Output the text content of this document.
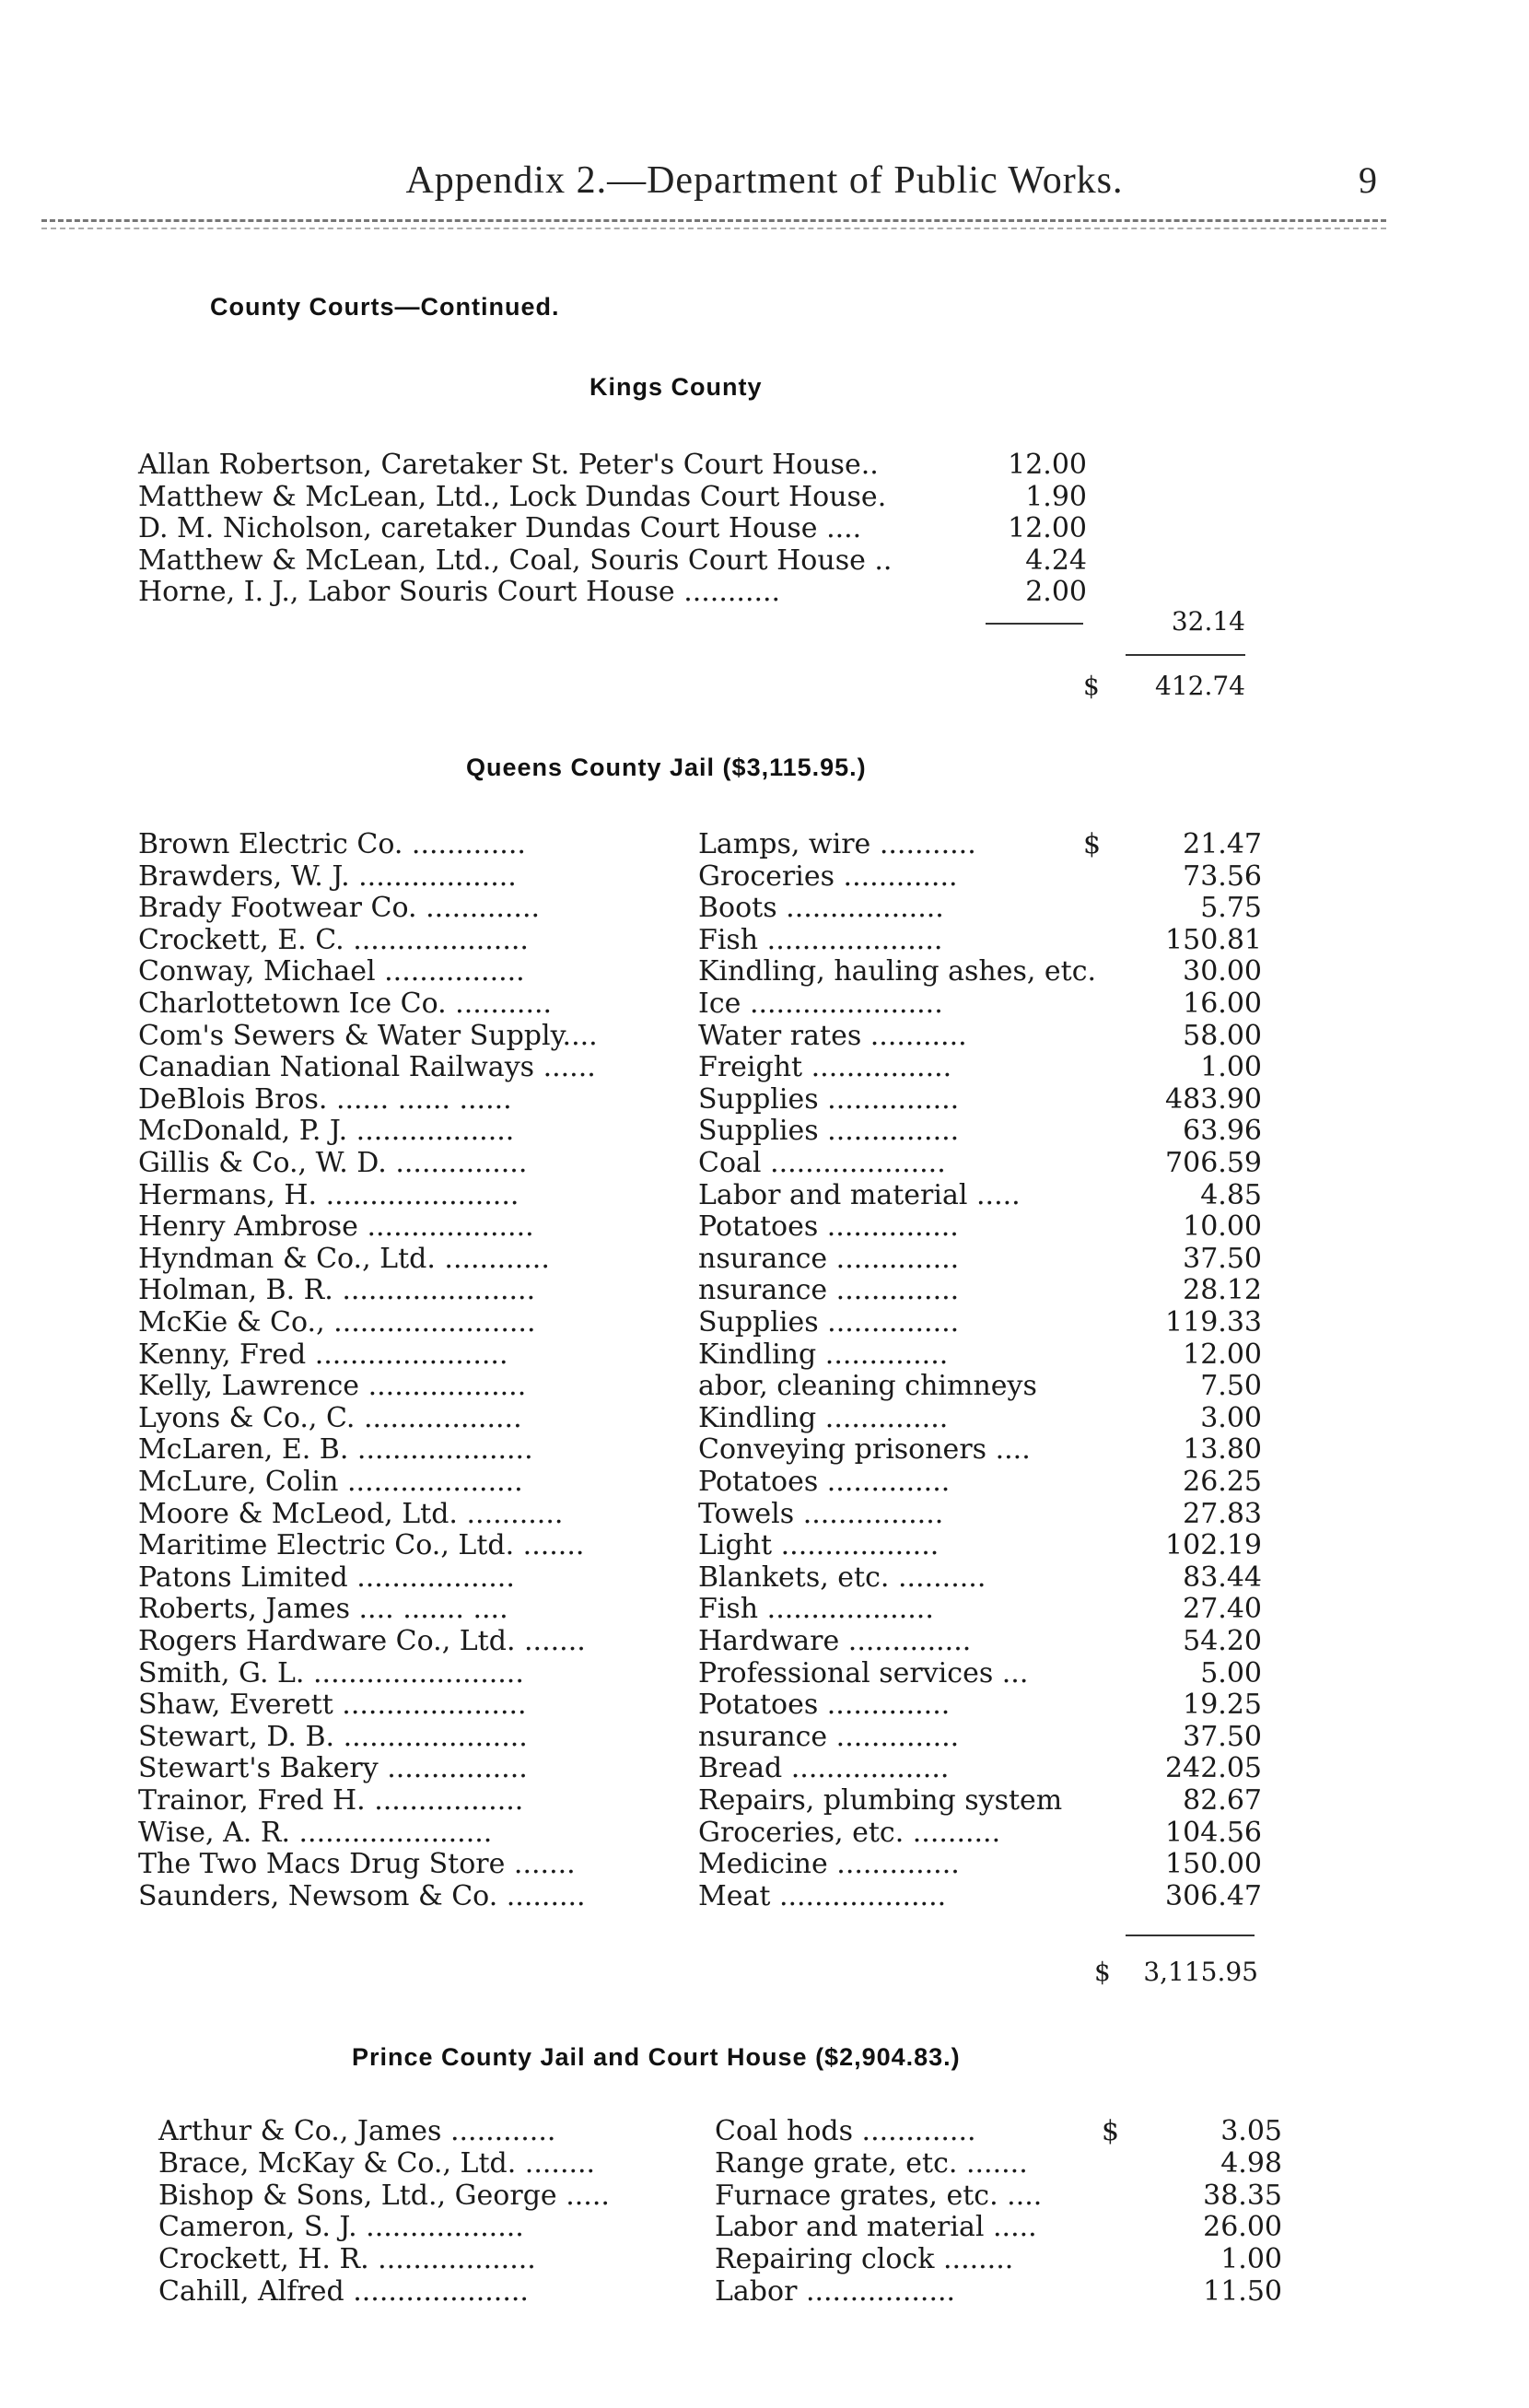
Appendix 2.—Department of Public Works.	9
County Courts—Continued.
Kings County
Allan Robertson, Caretaker St. Peter's Court House..	12.00
Matthew & McLean, Ltd., Lock Dundas Court House.	1.90
D. M. Nicholson, caretaker Dundas Court House ....	12.00
Matthew & McLean, Ltd., Coal, Souris Court House ..	4.24
Horne, I. J., Labor Souris Court House ...........	2.00
32.14
$	412.74
Queens County Jail ($3,115.95.)
Brown Electric Co. .............	Lamps, wire ...........	$	21.47
Brawders, W. J. ..................	Groceries .............	73.56
Brady Footwear Co. .............	Boots ..................	5.75
Crockett, E. C. ....................	Fish ....................	150.81
Conway, Michael ................	Kindling, hauling ashes, etc.	30.00
Charlottetown Ice Co. ...........	Ice ......................	16.00
Com's Sewers & Water Supply....	Water rates ...........	58.00
Canadian National Railways ......	Freight ................	1.00
DeBlois Bros. ...... ...... ......	Supplies ...............	483.90
McDonald, P. J. ..................	Supplies ...............	63.96
Gillis & Co., W. D. ...............	Coal ....................	706.59
Hermans, H. ......................	Labor and material .....	4.85
Henry Ambrose ...................	Potatoes ...............	10.00
Hyndman & Co., Ltd. ............	nsurance ..............	37.50
Holman, B. R. ......................	nsurance ..............	28.12
McKie & Co., .......................	Supplies ...............	119.33
Kenny, Fred ......................	Kindling ..............	12.00
Kelly, Lawrence ..................	abor, cleaning chimneys	7.50
Lyons & Co., C. ..................	Kindling ..............	3.00
McLaren, E. B. ....................	Conveying prisoners ....	13.80
McLure, Colin ....................	Potatoes ..............	26.25
Moore & McLeod, Ltd. ...........	Towels ................	27.83
Maritime Electric Co., Ltd. .......	Light ..................	102.19
Patons Limited ..................	Blankets, etc. ..........	83.44
Roberts, James .... ....... ....	Fish ...................	27.40
Rogers Hardware Co., Ltd. .......	Hardware ..............	54.20
Smith, G. L. ........................	Professional services ...	5.00
Shaw, Everett .....................	Potatoes ..............	19.25
Stewart, D. B. .....................	nsurance ..............	37.50
Stewart's Bakery ................	Bread ..................	242.05
Trainor, Fred H. .................	Repairs, plumbing system	82.67
Wise, A. R. ......................	Groceries, etc. ..........	104.56
The Two Macs Drug Store .......	Medicine ..............	150.00
Saunders, Newsom & Co. .........	Meat ...................	306.47
$	3,115.95
Prince County Jail and Court House ($2,904.83.)
Arthur & Co., James ............	Coal hods .............	$	3.05
Brace, McKay & Co., Ltd. ........	Range grate, etc. .......	4.98
Bishop & Sons, Ltd., George .....	Furnace grates, etc. ....	38.35
Cameron, S. J. ..................	Labor and material .....	26.00
Crockett, H. R. ..................	Repairing clock ........	1.00
Cahill, Alfred ....................	Labor .................	11.50
